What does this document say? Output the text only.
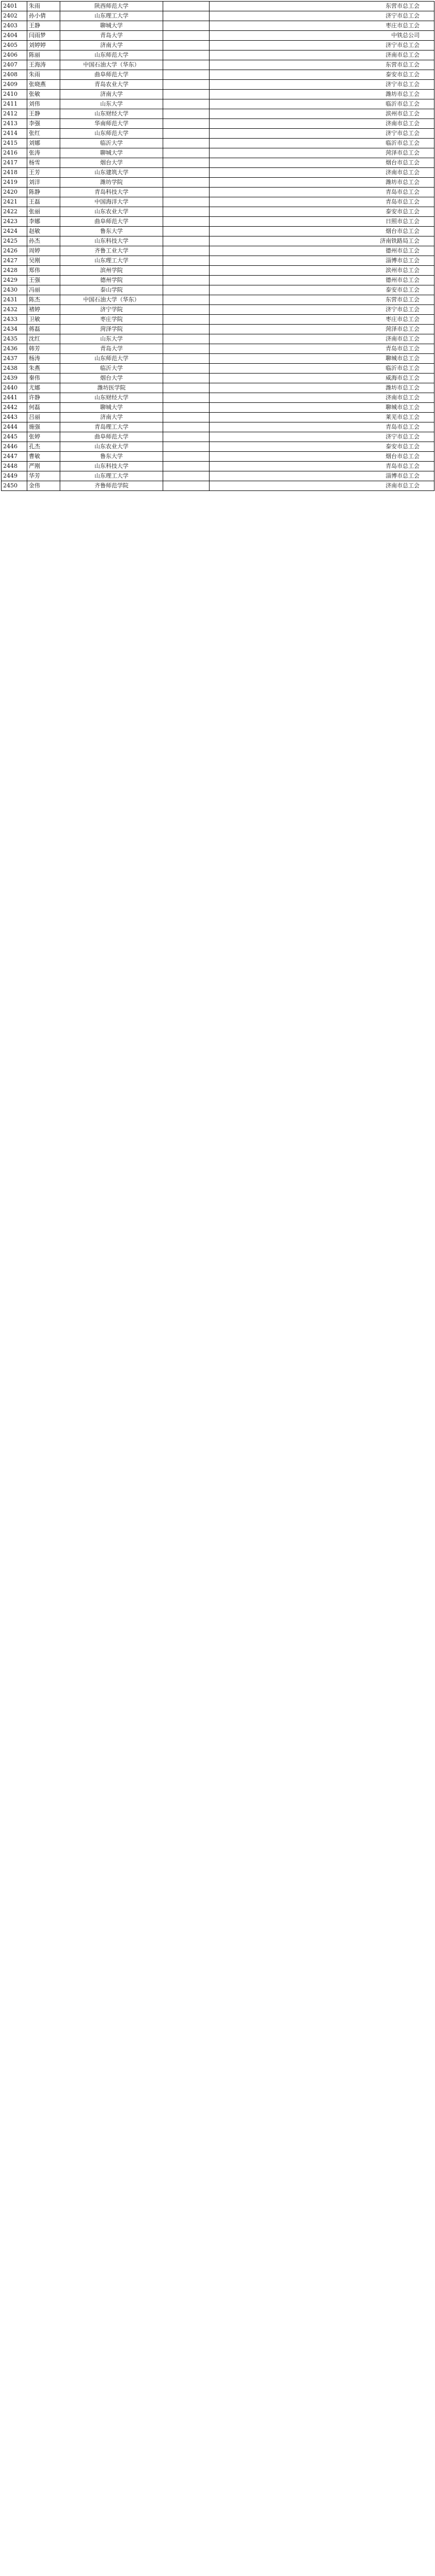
2401	朱雨	陕西师范大学		东营市总工会
2402	孙小倩	山东理工大学		济宁市总工会
2403	王静	聊城大学		枣庄市总工会
2404	闫雨梦	青岛大学		中铁总公司
2405	刘婷婷	济南大学		济宁市总工会
2406	陈丽	山东师范大学		济南市总工会
2407	王海涛	中国石油大学（华东）		东营市总工会
2408	朱雨	曲阜师范大学		泰安市总工会
2409	张晓燕	青岛农业大学		济宁市总工会
2410	张敏	济南大学		潍坊市总工会
2411	刘伟	山东大学		临沂市总工会
2412	王静	山东财经大学		滨州市总工会
2413	李强	华南师范大学		济南市总工会
2414	张红	山东师范大学		济宁市总工会
2415	刘娜	临沂大学		临沂市总工会
2416	张涛	聊城大学		菏泽市总工会
2417	杨雪	烟台大学		烟台市总工会
2418	王芳	山东建筑大学		济南市总工会
2419	刘洋	潍坊学院		潍坊市总工会
2420	陈静	青岛科技大学		青岛市总工会
2421	王磊	中国海洋大学		青岛市总工会
2422	张丽	山东农业大学		泰安市总工会
2423	李娜	曲阜师范大学		日照市总工会
2424	赵敏	鲁东大学		烟台市总工会
2425	孙杰	山东科技大学		济南铁路局工会
2426	周婷	齐鲁工业大学		德州市总工会
2427	吴刚	山东理工大学		淄博市总工会
2428	郑伟	滨州学院		滨州市总工会
2429	王强	德州学院		德州市总工会
2430	冯丽	泰山学院		泰安市总工会
2431	陈杰	中国石油大学（华东）		东营市总工会
2432	褚婷	济宁学院		济宁市总工会
2433	卫敏	枣庄学院		枣庄市总工会
2434	蒋磊	菏泽学院		菏泽市总工会
2435	沈红	山东大学		济南市总工会
2436	韩芳	青岛大学		青岛市总工会
2437	杨涛	山东师范大学		聊城市总工会
2438	朱燕	临沂大学		临沂市总工会
2439	秦伟	烟台大学		威海市总工会
2440	尤娜	潍坊医学院		潍坊市总工会
2441	许静	山东财经大学		济南市总工会
2442	何磊	聊城大学		聊城市总工会
2443	吕丽	济南大学		莱芜市总工会
2444	施强	青岛理工大学		青岛市总工会
2445	张婷	曲阜师范大学		济宁市总工会
2446	孔杰	山东农业大学		泰安市总工会
2447	曹敏	鲁东大学		烟台市总工会
2448	严刚	山东科技大学		青岛市总工会
2449	华芳	山东理工大学		淄博市总工会
2450	金伟	齐鲁师范学院		济南市总工会
